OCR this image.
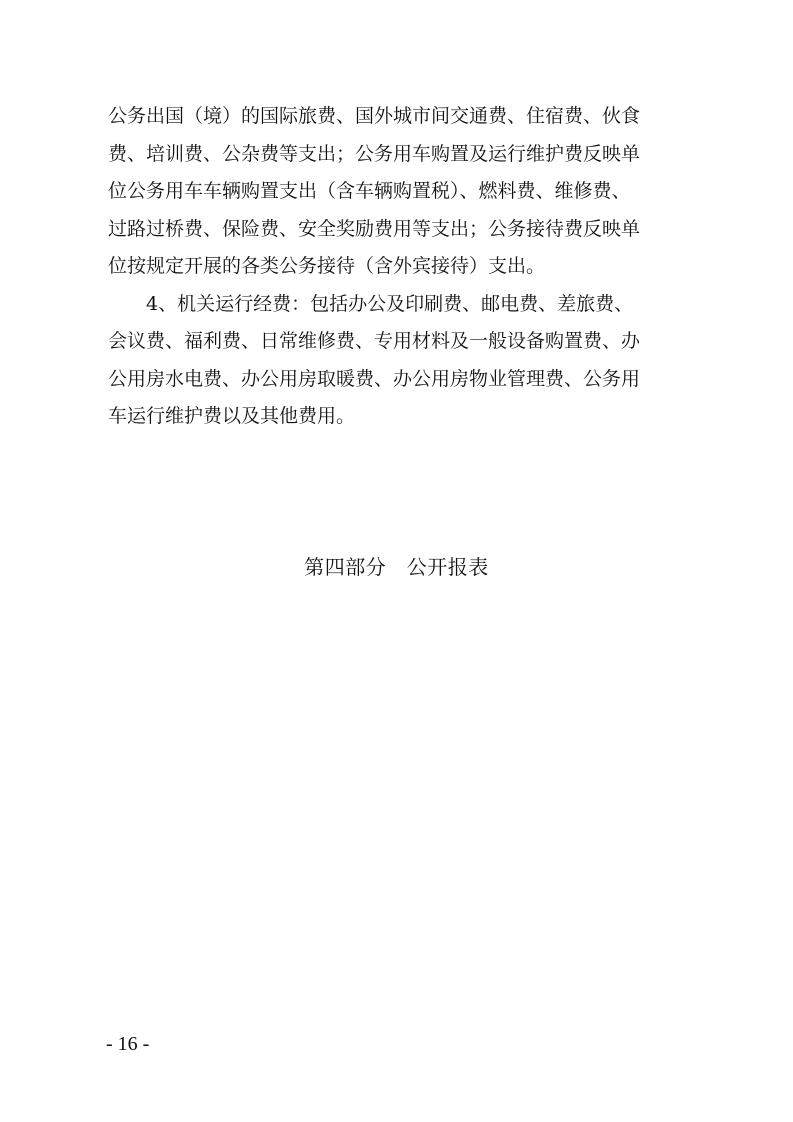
公务出国（境）的国际旅费、国外城市间交通费、住宿费、伙食
费、培训费、公杂费等支出；公务用车购置及运行维护费反映单
位公务用车车辆购置支出（含车辆购置税）、燃料费、维修费、
过路过桥费、保险费、安全奖励费用等支出；公务接待费反映单
位按规定开展的各类公务接待（含外宾接待）支出。
4、机关运行经费：包括办公及印刷费、邮电费、差旅费、
会议费、福利费、日常维修费、专用材料及一般设备购置费、办
公用房水电费、办公用房取暖费、办公用房物业管理费、公务用
车运行维护费以及其他费用。
第四部分　公开报表
- 16 -
